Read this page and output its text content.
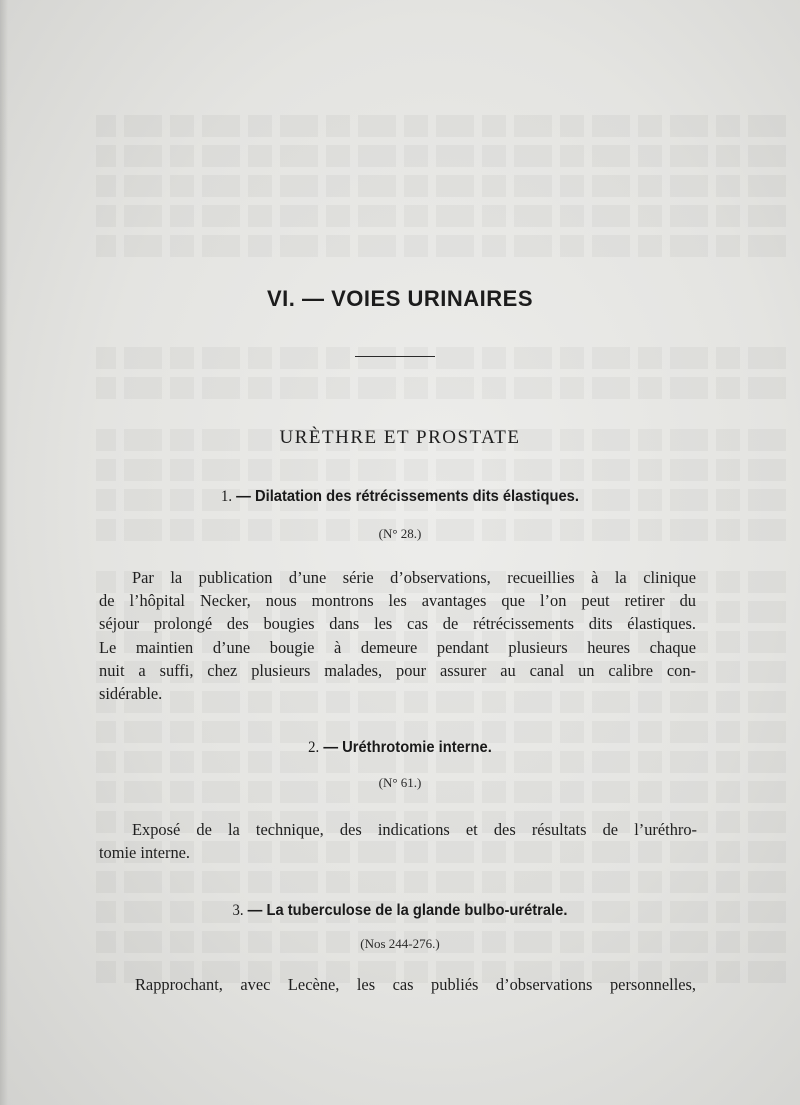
VI. — VOIES URINAIRES
URÈTHRE ET PROSTATE
1. — Dilatation des rétrécissements dits élastiques.
(N° 28.)
Par la publication d’une série d’observations, recueillies à la clinique
de l’hôpital Necker, nous montrons les avantages que l’on peut retirer du
séjour prolongé des bougies dans les cas de rétrécissements dits élastiques.
Le maintien d’une bougie à demeure pendant plusieurs heures chaque
nuit a suffi, chez plusieurs malades, pour assurer au canal un calibre con-
sidérable.
2. — Uréthrotomie interne.
(N° 61.)
Exposé de la technique, des indications et des résultats de l’uréthro-
tomie interne.
3. — La tuberculose de la glande bulbo-urétrale.
(Nos 244-276.)
Rapprochant, avec Lecène, les cas publiés d’observations personnelles,
